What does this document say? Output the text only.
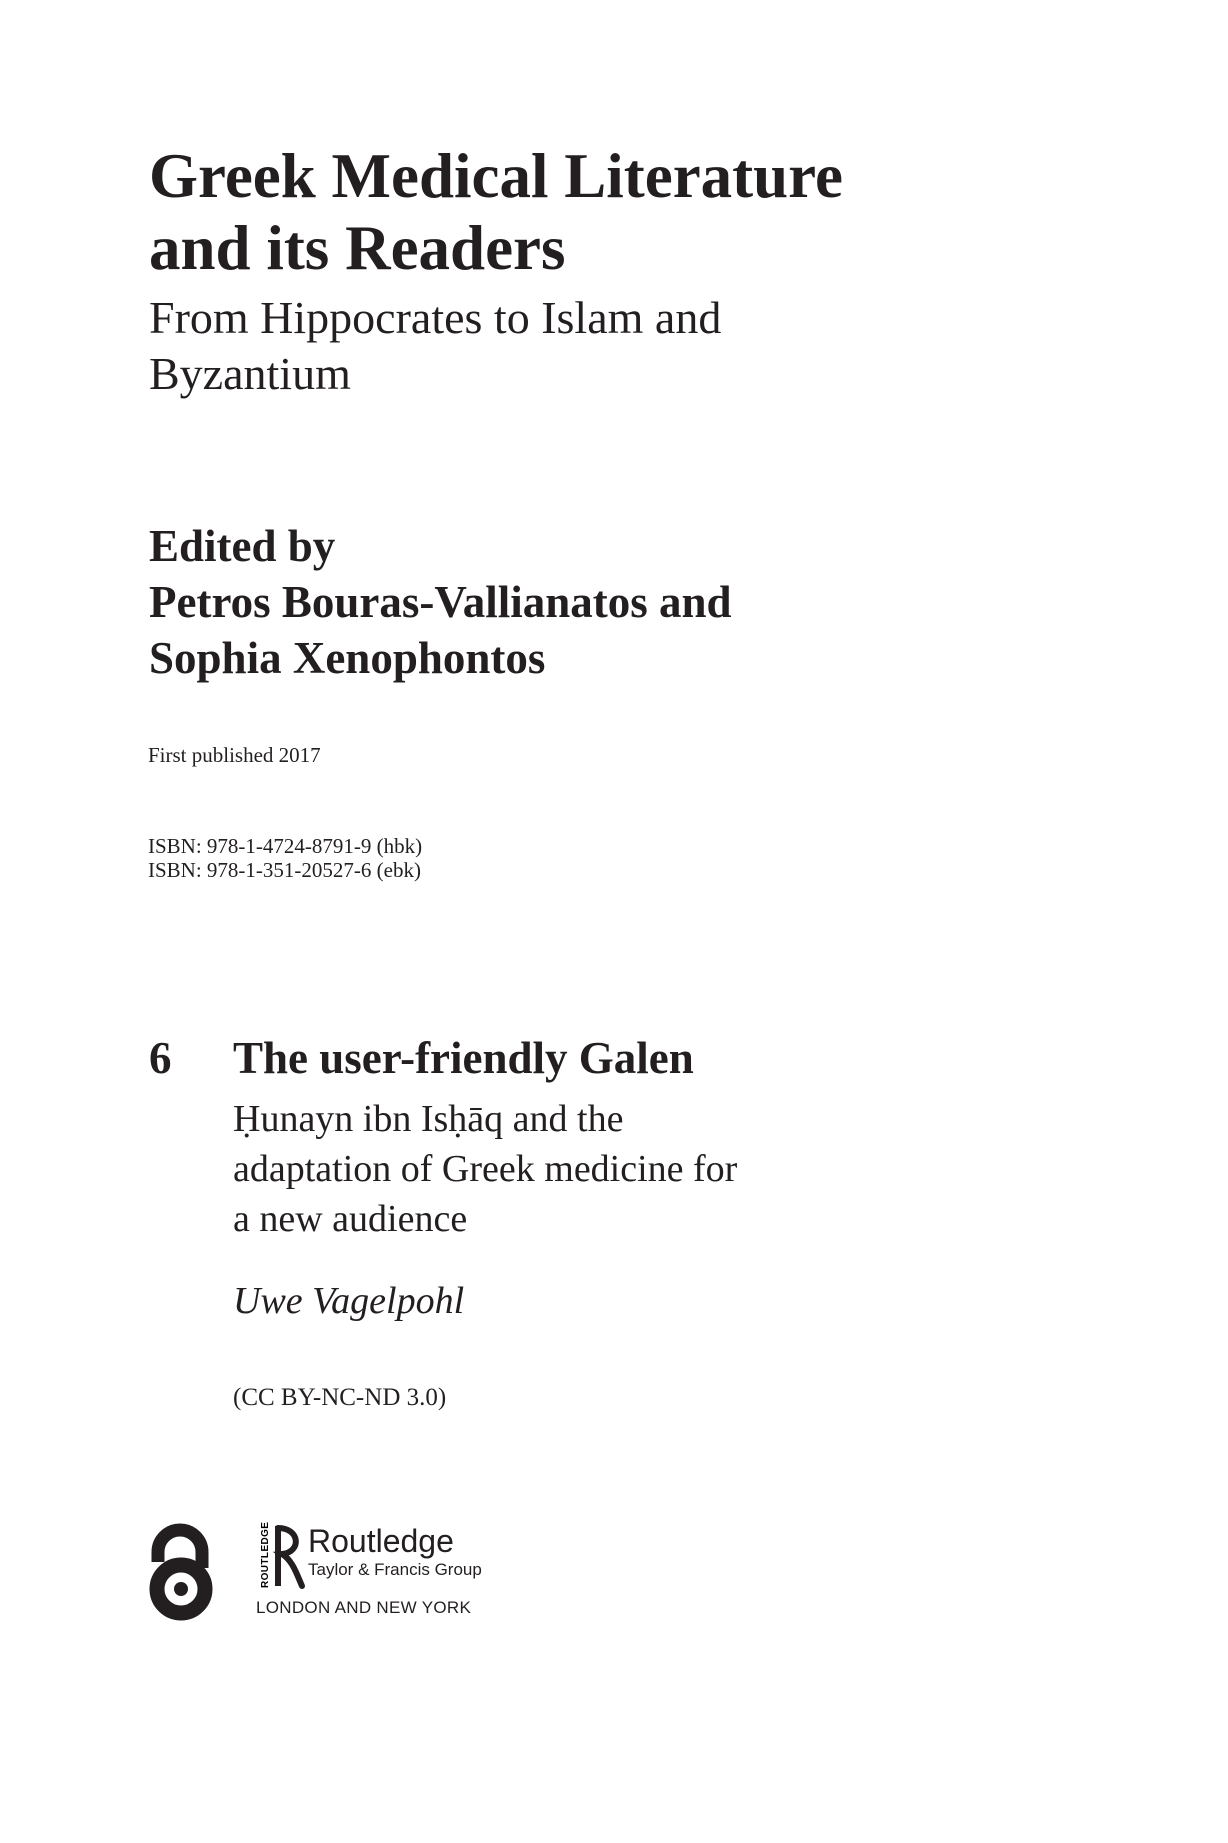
Greek Medical Literature
and its Readers
From Hippocrates to Islam and
Byzantium
Edited by
Petros Bouras-Vallianatos and
Sophia Xenophontos
First published 2017
ISBN: 978-1-4724-8791-9 (hbk)
ISBN: 978-1-351-20527-6 (ebk)
6	The user-friendly Galen
Ḥunayn ibn Isḥāq and the
adaptation of Greek medicine for
a new audience
Uwe Vagelpohl
(CC BY-NC-ND 3.0)
ROUTLEDGE Routledge
Taylor & Francis Group
LONDON AND NEW YORK
